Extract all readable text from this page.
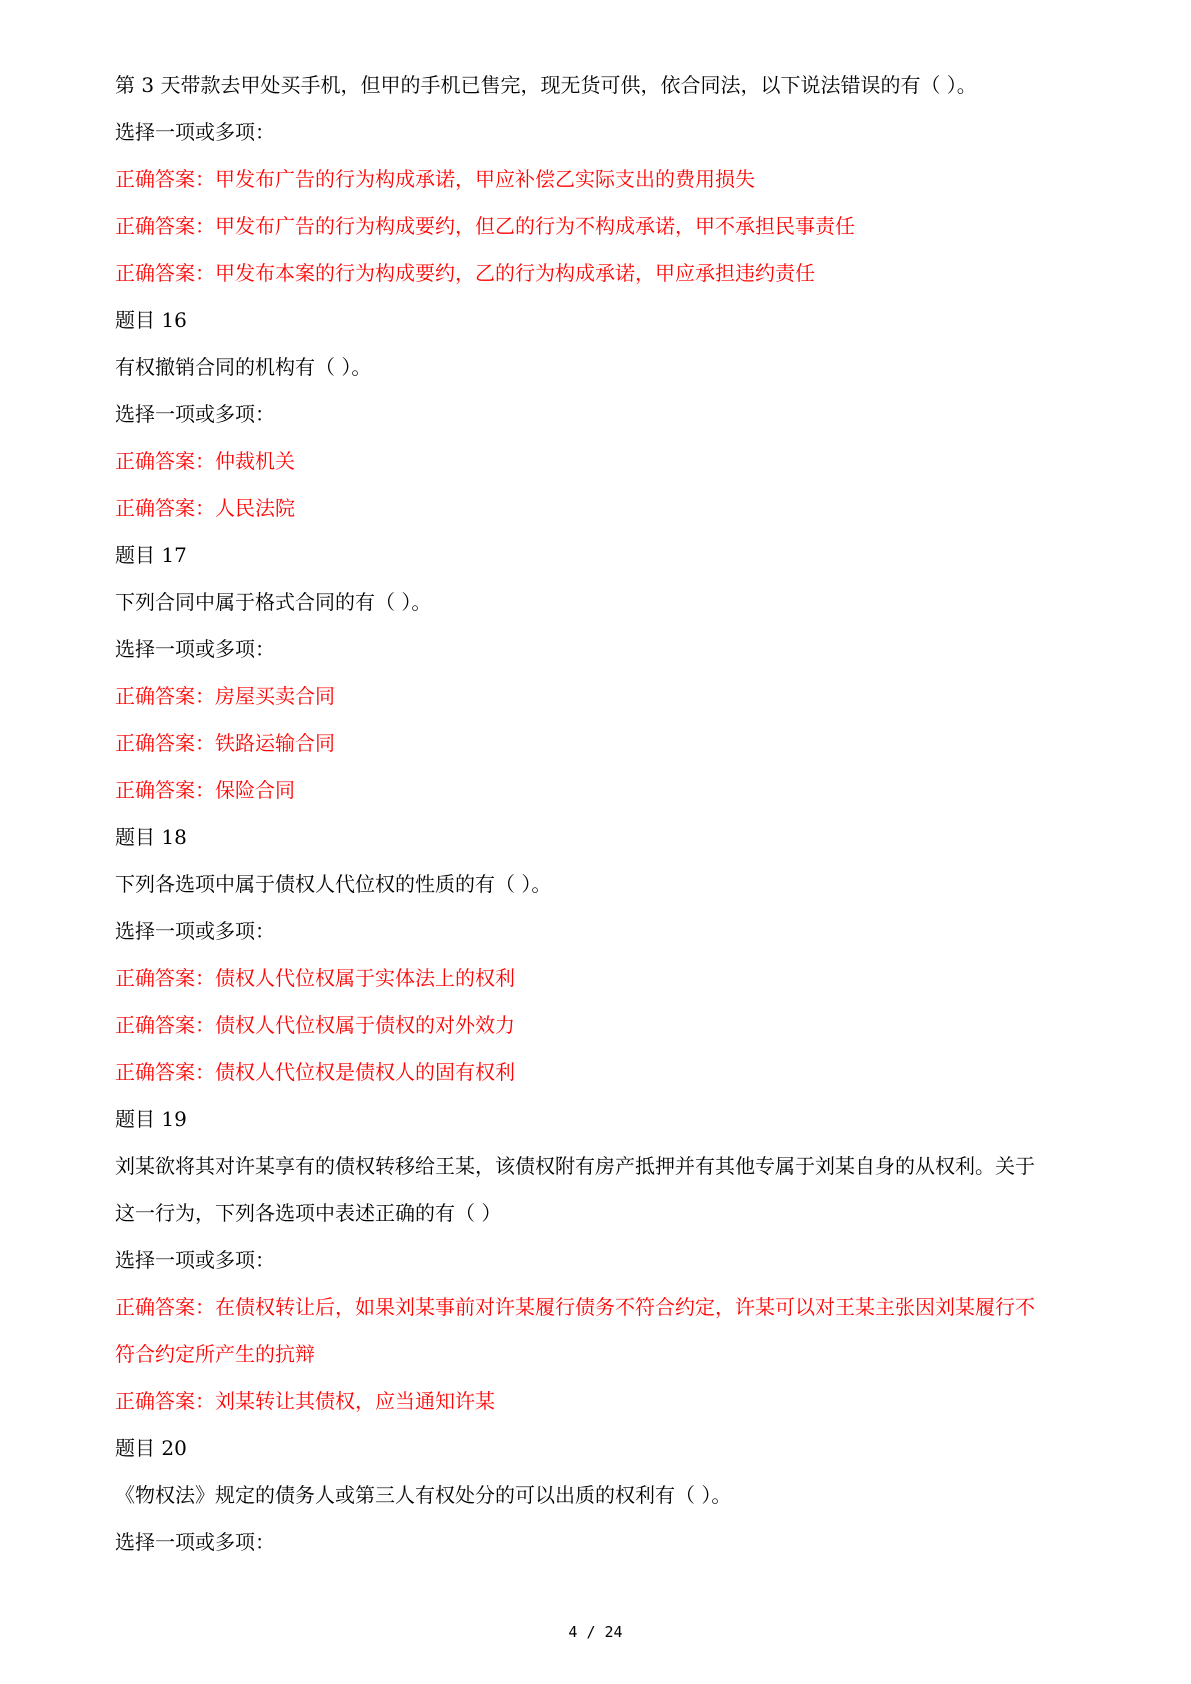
第 3 天带款去甲处买手机，但甲的手机已售完，现无货可供，依合同法，以下说法错误的有（ ）。

选择一项或多项：

正确答案：甲发布广告的行为构成承诺，甲应补偿乙实际支出的费用损失

正确答案：甲发布广告的行为构成要约，但乙的行为不构成承诺，甲不承担民事责任

正确答案：甲发布本案的行为构成要约，乙的行为构成承诺，甲应承担违约责任

题目 16

有权撤销合同的机构有（ ）。

选择一项或多项：

正确答案：仲裁机关

正确答案：人民法院

题目 17

下列合同中属于格式合同的有（ ）。

选择一项或多项：

正确答案：房屋买卖合同

正确答案：铁路运输合同

正确答案：保险合同

题目 18

下列各选项中属于债权人代位权的性质的有（ ）。

选择一项或多项：

正确答案：债权人代位权属于实体法上的权利

正确答案：债权人代位权属于债权的对外效力

正确答案：债权人代位权是债权人的固有权利

题目 19

刘某欲将其对许某享有的债权转移给王某，该债权附有房产抵押并有其他专属于刘某自身的从权利。关于

这一行为，下列各选项中表述正确的有（ ）

选择一项或多项：

正确答案：在债权转让后，如果刘某事前对许某履行债务不符合约定，许某可以对王某主张因刘某履行不

符合约定所产生的抗辩

正确答案：刘某转让其债权，应当通知许某

题目 20

《物权法》规定的债务人或第三人有权处分的可以出质的权利有（ ）。

选择一项或多项：

4 / 24
